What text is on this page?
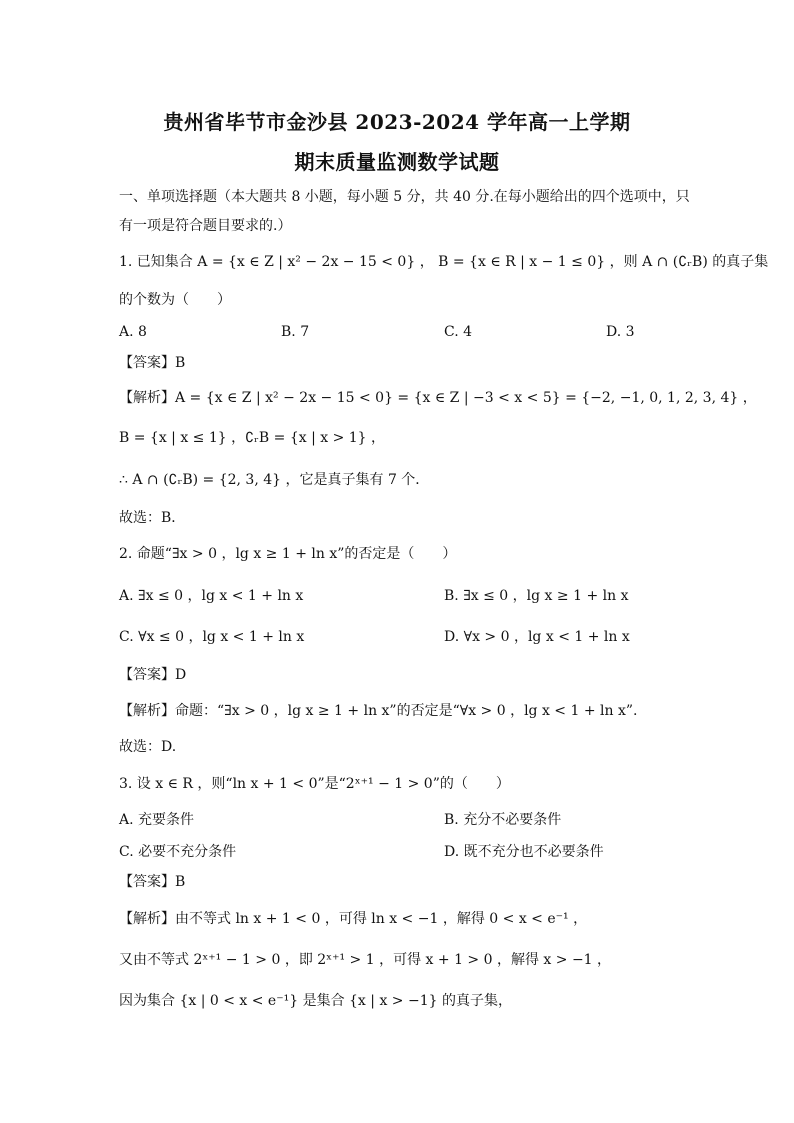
贵州省毕节市金沙县 2023-2024 学年高一上学期
期末质量监测数学试题
一、单项选择题（本大题共 8 小题，每小题 5 分，共 40 分.在每小题给出的四个选项中，只
有一项是符合题目要求的.）
1. 已知集合 A = {x ∈ Z | x² − 2x − 15 < 0} ， B = {x ∈ R | x − 1 ≤ 0} ，则 A ∩ (∁ᵣB) 的真子集
的个数为（　　）
A. 8	B. 7	C. 4	D. 3
【答案】B
【解析】A = {x ∈ Z | x² − 2x − 15 < 0} = {x ∈ Z | −3 < x < 5} = {−2, −1, 0, 1, 2, 3, 4} ，
B = {x | x ≤ 1} ，∁ᵣB = {x | x > 1} ，
∴ A ∩ (∁ᵣB) = {2, 3, 4} ，它是真子集有 7 个．
故选：B．
2. 命题“∃x > 0 ，lg x ≥ 1 + ln x”的否定是（　　）
A. ∃x ≤ 0 ，lg x < 1 + ln x	B. ∃x ≤ 0 ，lg x ≥ 1 + ln x
C. ∀x ≤ 0 ，lg x < 1 + ln x	D. ∀x > 0 ，lg x < 1 + ln x
【答案】D
【解析】命题：“∃x > 0 ，lg x ≥ 1 + ln x”的否定是“∀x > 0 ，lg x < 1 + ln x”.
故选：D.
3. 设 x ∈ R ，则“ln x + 1 < 0”是“2ˣ⁺¹ − 1 > 0”的（　　）
A. 充要条件	B. 充分不必要条件
C. 必要不充分条件	D. 既不充分也不必要条件
【答案】B
【解析】由不等式 ln x + 1 < 0 ，可得 ln x < −1 ，解得 0 < x < e⁻¹ ，
又由不等式 2ˣ⁺¹ − 1 > 0 ，即 2ˣ⁺¹ > 1 ，可得 x + 1 > 0 ，解得 x > −1 ，
因为集合 {x | 0 < x < e⁻¹} 是集合 {x | x > −1} 的真子集，
